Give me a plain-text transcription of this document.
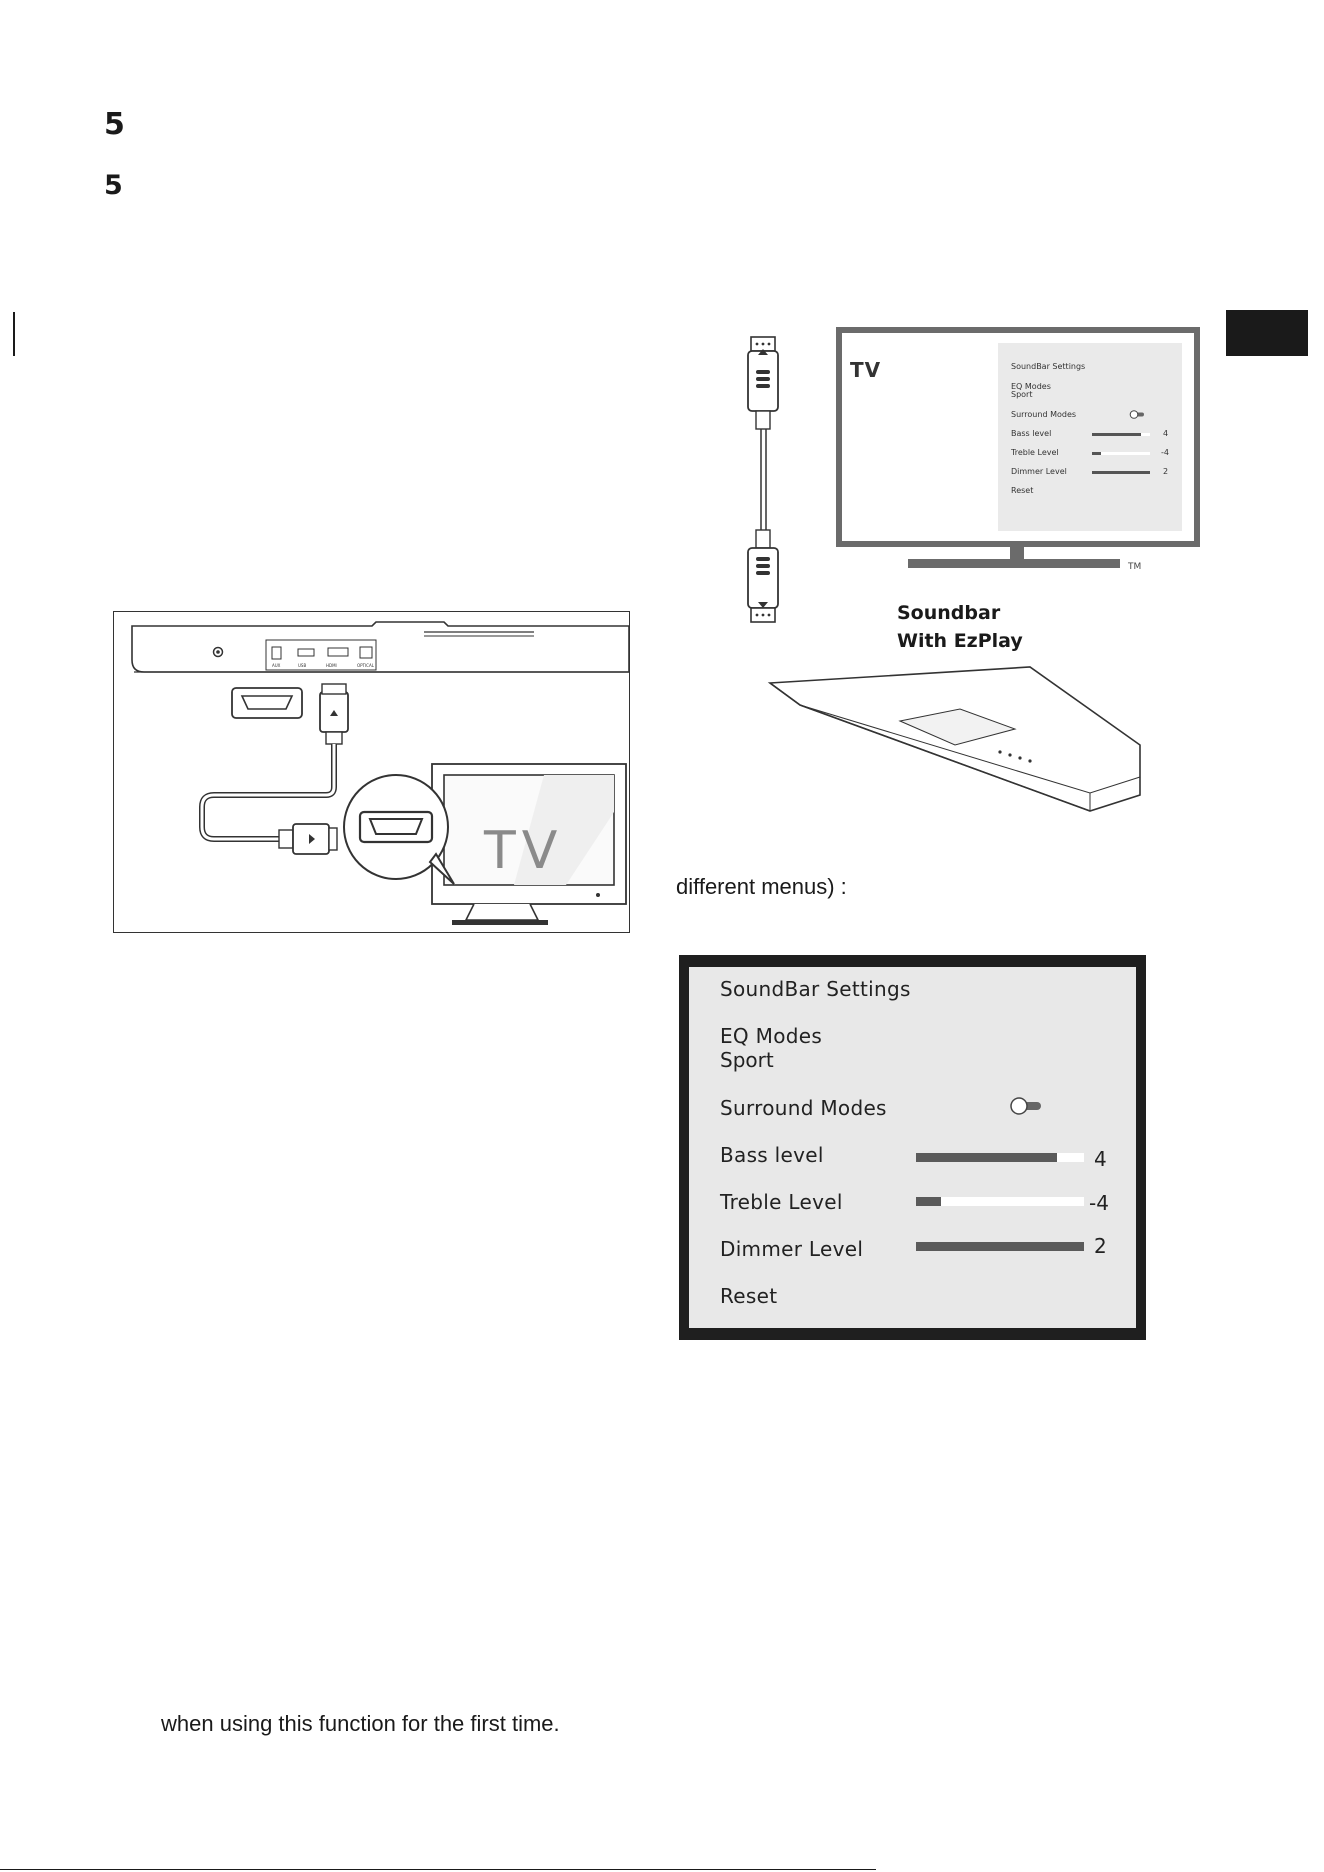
5
5
AUX	USB	HDMI	OPTICAL
TV
TV
TM
SoundBar Settings
EQ Modes
Sport
Surround Modes
Bass level	4
Treble Level	-4
Dimmer Level	2
Reset
Soundbar
With EzPlay
different menus) :
SoundBar Settings
EQ Modes
Sport
Surround Modes
Bass level	4
Treble Level	-4
Dimmer Level	2
Reset
when using this function for the first time.
